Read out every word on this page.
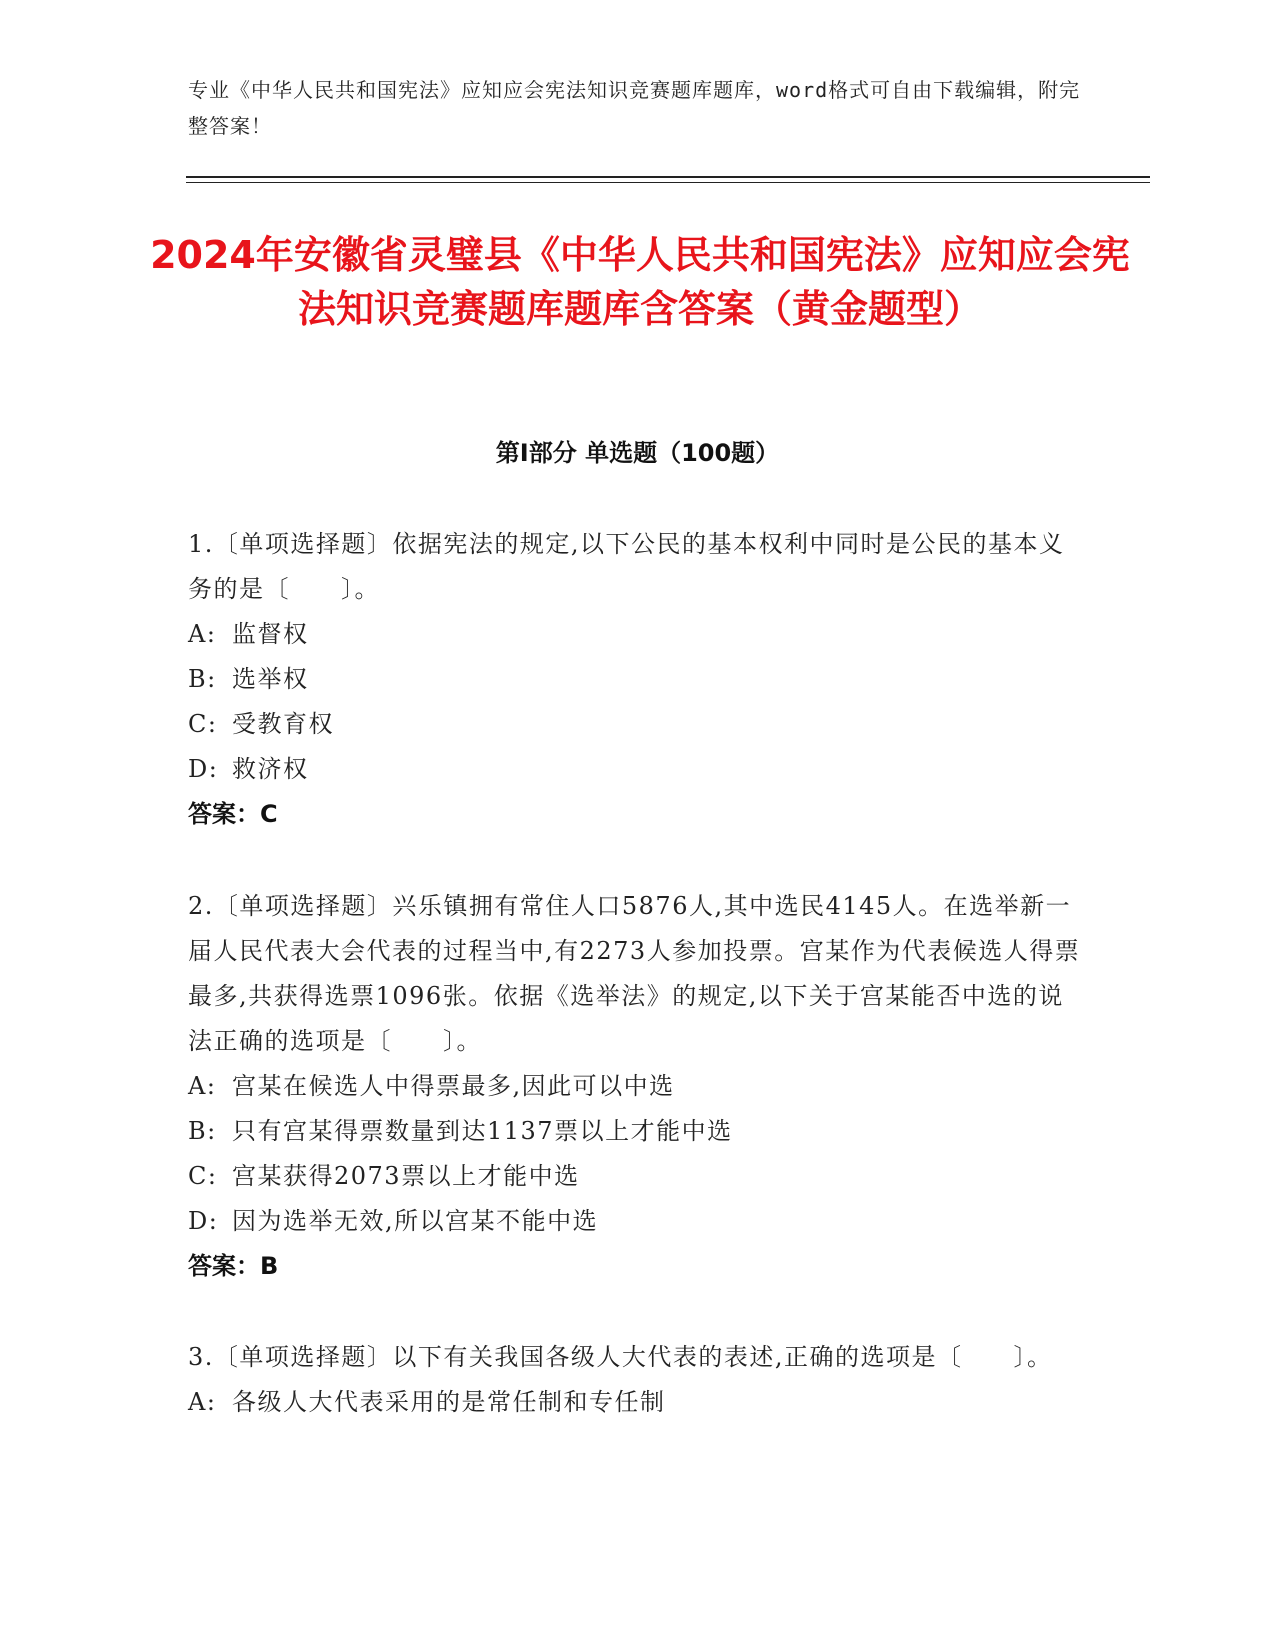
专业《中华人民共和国宪法》应知应会宪法知识竞赛题库题库，word格式可自由下载编辑，附完整答案！
2024年安徽省灵璧县《中华人民共和国宪法》应知应会宪法知识竞赛题库题库含答案（黄金题型）
第I部分 单选题（100题）
1.〔单项选择题〕依据宪法的规定,以下公民的基本权利中同时是公民的基本义务的是〔　　〕。
A: 监督权
B: 选举权
C: 受教育权
D: 救济权
答案：C
2.〔单项选择题〕兴乐镇拥有常住人口5876人,其中选民4145人。在选举新一届人民代表大会代表的过程当中,有2273人参加投票。宫某作为代表候选人得票最多,共获得选票1096张。依据《选举法》的规定,以下关于宫某能否中选的说法正确的选项是〔　　〕。
A: 宫某在候选人中得票最多,因此可以中选
B: 只有宫某得票数量到达1137票以上才能中选
C: 宫某获得2073票以上才能中选
D: 因为选举无效,所以宫某不能中选
答案：B
3.〔单项选择题〕以下有关我国各级人大代表的表述,正确的选项是〔　　〕。
A: 各级人大代表采用的是常任制和专任制
